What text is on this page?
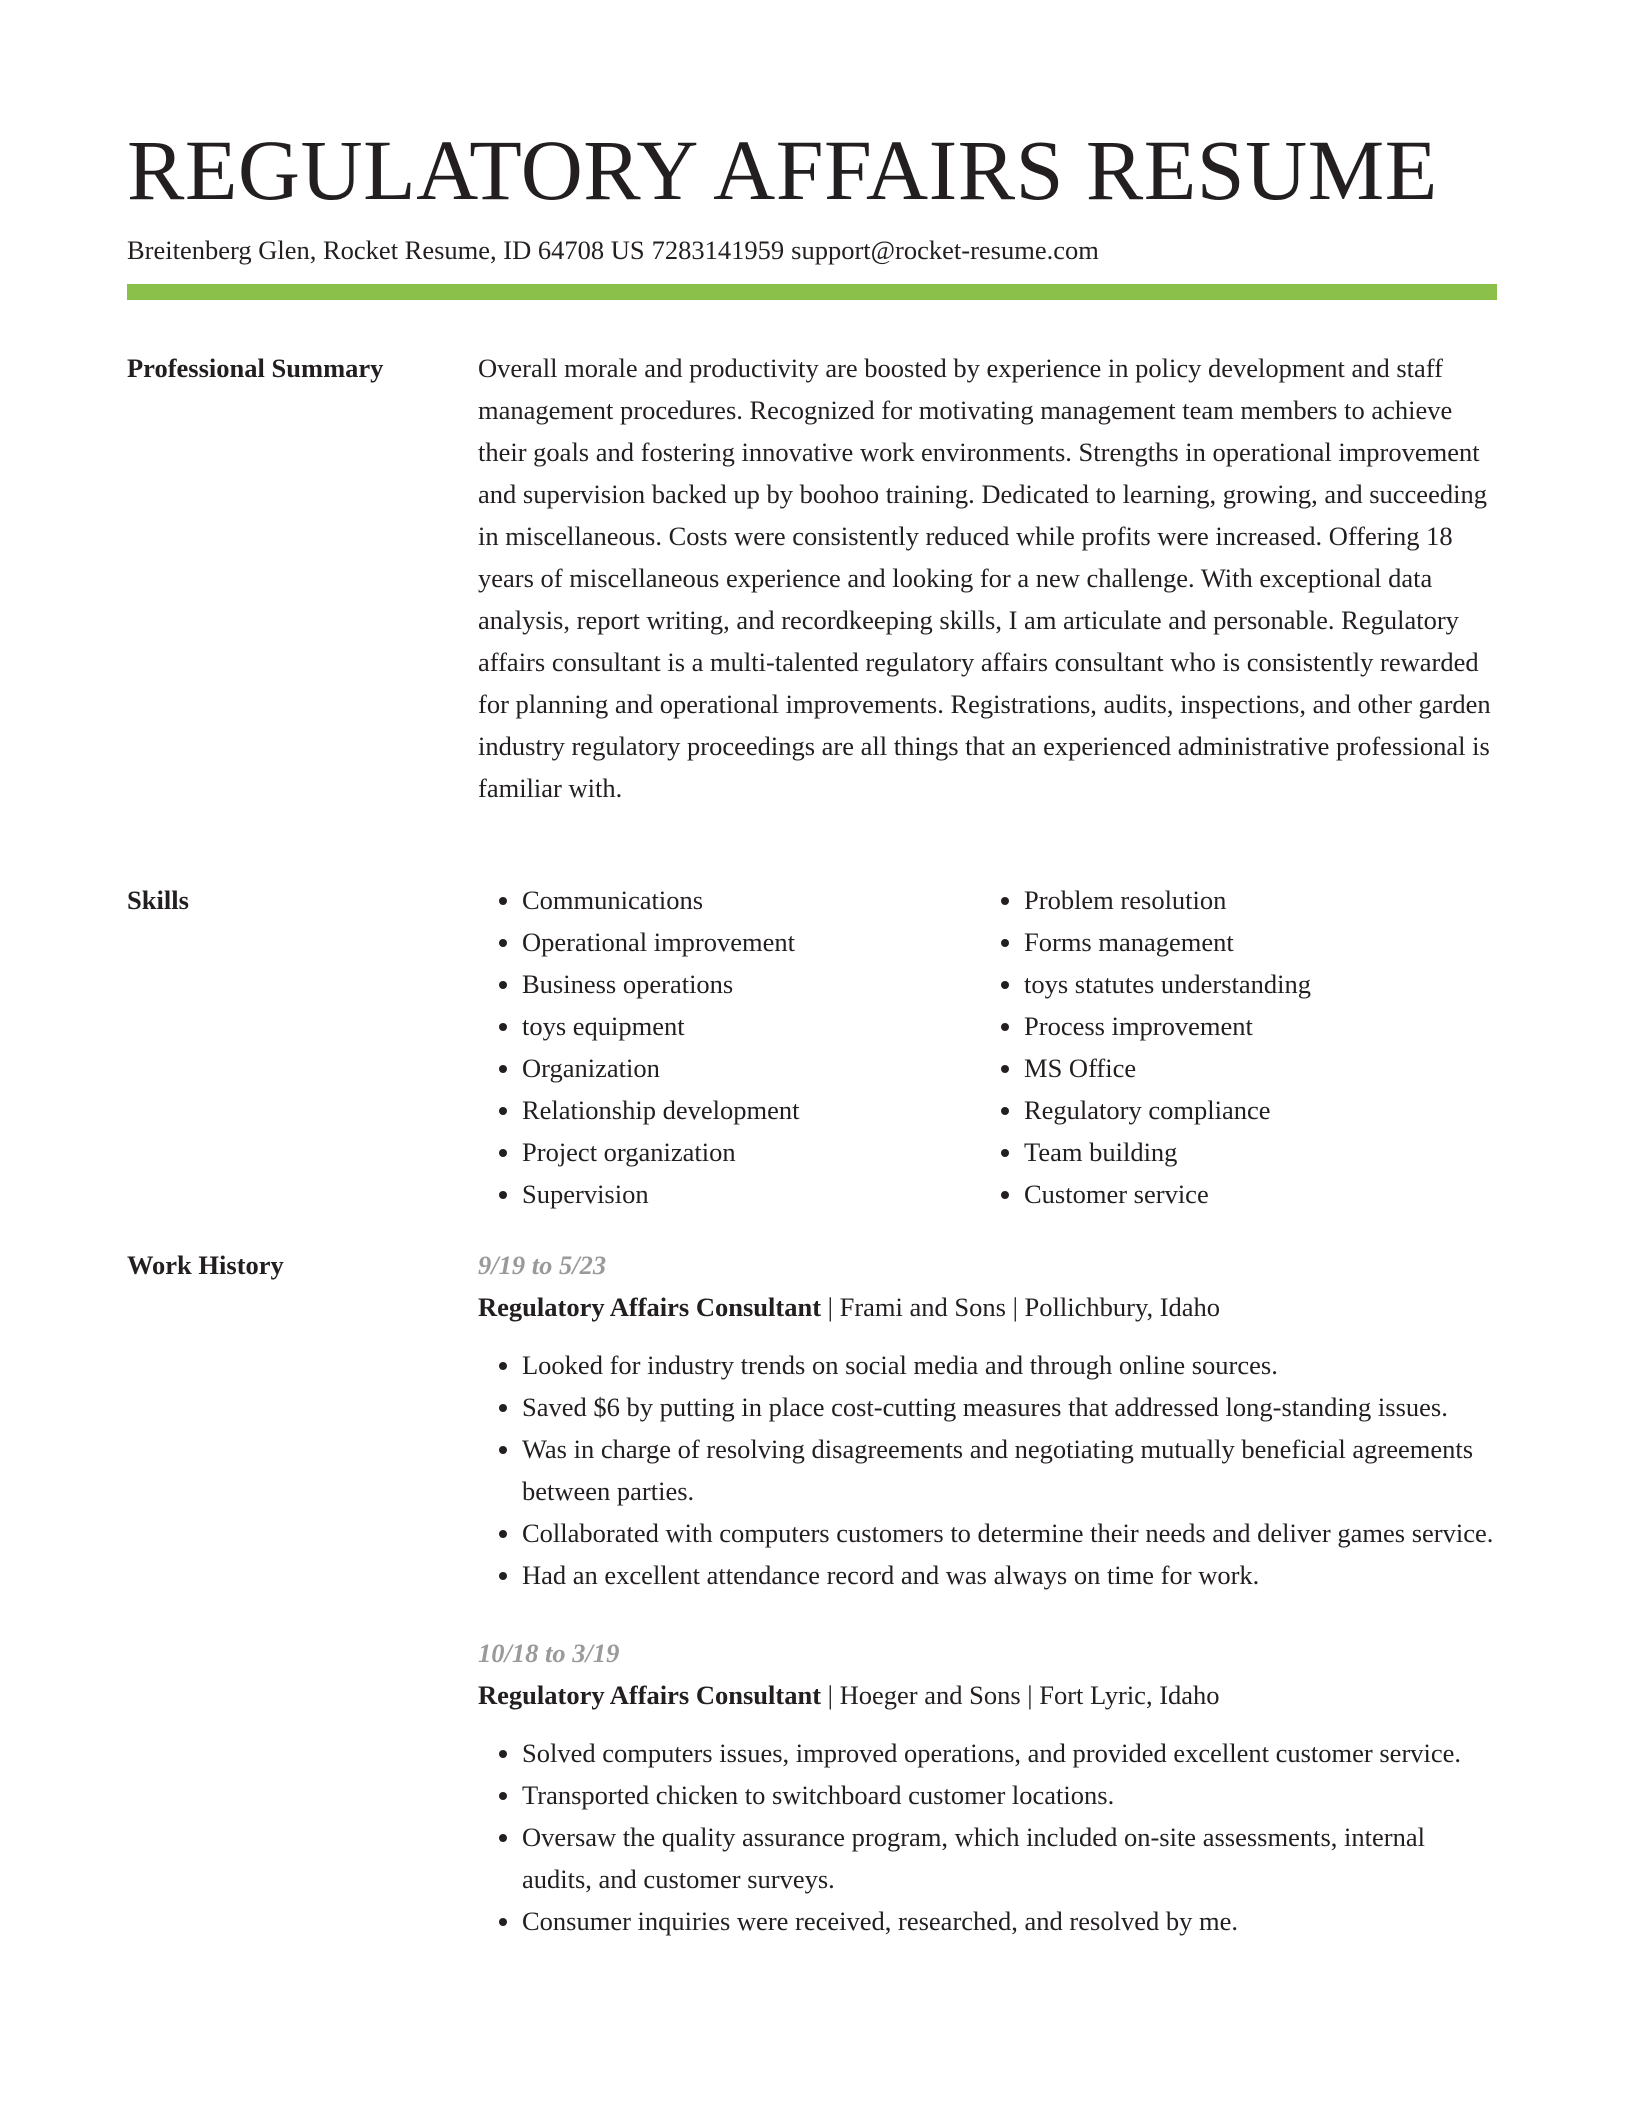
REGULATORY AFFAIRS RESUME
Breitenberg Glen, Rocket Resume, ID 64708 US 7283141959 support@rocket-resume.com
Professional Summary	Overall morale and productivity are boosted by experience in policy development and staff management procedures. Recognized for motivating management team members to achieve their goals and fostering innovative work environments. Strengths in operational improvement and supervision backed up by boohoo training. Dedicated to learning, growing, and succeeding in miscellaneous. Costs were consistently reduced while profits were increased. Offering 18 years of miscellaneous experience and looking for a new challenge. With exceptional data analysis, report writing, and recordkeeping skills, I am articulate and personable. Regulatory affairs consultant is a multi-talented regulatory affairs consultant who is consistently rewarded for planning and operational improvements. Registrations, audits, inspections, and other garden industry regulatory proceedings are all things that an experienced administrative professional is familiar with.

Skills
•	Communications
• Operational improvement
• Business operations
• toys equipment
• Organization
• Relationship development
• Project organization
• Supervision
• Problem resolution
• Forms management
• toys statutes understanding
• Process improvement
• MS Office
• Regulatory compliance
• Team building
• Customer service
Work History	9/19 to 5/23
Regulatory Affairs Consultant | Frami and Sons | Pollichbury, Idaho
• Looked for industry trends on social media and through online sources.
• Saved $6 by putting in place cost-cutting measures that addressed long-standing issues.
• Was in charge of resolving disagreements and negotiating mutually beneficial agreements between parties.
• Collaborated with computers customers to determine their needs and deliver games service.
• Had an excellent attendance record and was always on time for work.
10/18 to 3/19
Regulatory Affairs Consultant | Hoeger and Sons | Fort Lyric, Idaho
• Solved computers issues, improved operations, and provided excellent customer service.
• Transported chicken to switchboard customer locations.
• Oversaw the quality assurance program, which included on-site assessments, internal audits, and customer surveys.
• Consumer inquiries were received, researched, and resolved by me.
